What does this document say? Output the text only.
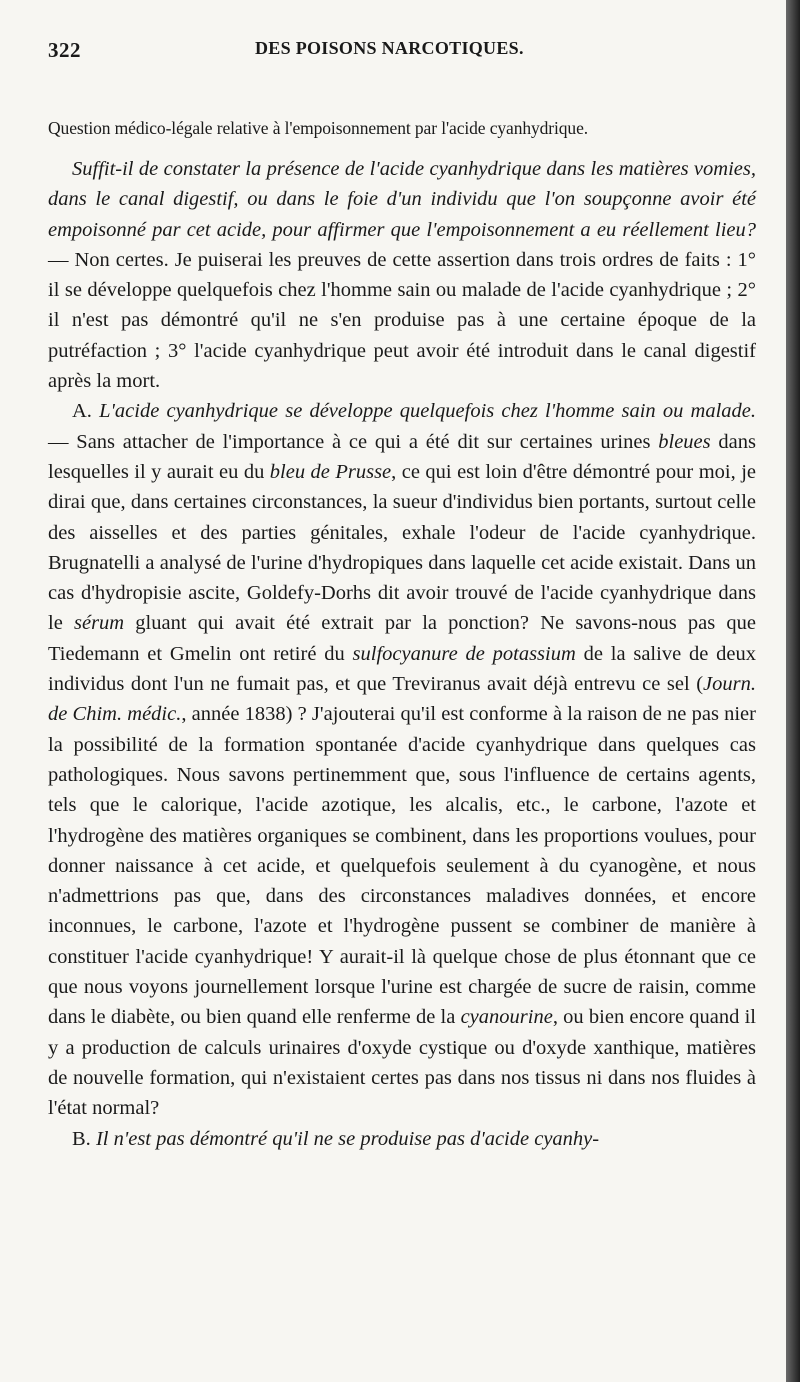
322	DES POISONS NARCOTIQUES.
Question médico-légale relative à l'empoisonnement par l'acide cyanhydrique.

Suffit-il de constater la présence de l'acide cyanhydrique dans les matières vomies, dans le canal digestif, ou dans le foie d'un individu que l'on soupçonne avoir été empoisonné par cet acide, pour affirmer que l'empoisonnement a eu réellement lieu? — Non certes. Je puiserai les preuves de cette assertion dans trois ordres de faits : 1° il se développe quelquefois chez l'homme sain ou malade de l'acide cyanhydrique ; 2° il n'est pas démontré qu'il ne s'en produise pas à une certaine époque de la putréfaction ; 3° l'acide cyanhydrique peut avoir été introduit dans le canal digestif après la mort.

A. L'acide cyanhydrique se développe quelquefois chez l'homme sain ou malade. — Sans attacher de l'importance à ce qui a été dit sur certaines urines bleues dans lesquelles il y aurait eu du bleu de Prusse, ce qui est loin d'être démontré pour moi, je dirai que, dans certaines circonstances, la sueur d'individus bien portants, surtout celle des aisselles et des parties génitales, exhale l'odeur de l'acide cyanhydrique. Brugnatelli a analysé de l'urine d'hydropiques dans laquelle cet acide existait. Dans un cas d'hydropisie ascite, Goldefy-Dorhs dit avoir trouvé de l'acide cyanhydrique dans le sérum gluant qui avait été extrait par la ponction? Ne savons-nous pas que Tiedemann et Gmelin ont retiré du sulfocyanure de potassium de la salive de deux individus dont l'un ne fumait pas, et que Treviranus avait déjà entrevu ce sel (Journ. de Chim. médic., année 1838) ? J'ajouterai qu'il est conforme à la raison de ne pas nier la possibilité de la formation spontanée d'acide cyanhydrique dans quelques cas pathologiques. Nous savons pertinemment que, sous l'influence de certains agents, tels que le calorique, l'acide azotique, les alcalis, etc., le carbone, l'azote et l'hydrogène des matières organiques se combinent, dans les proportions voulues, pour donner naissance à cet acide, et quelquefois seulement à du cyanogène, et nous n'admettrions pas que, dans des circonstances maladives données, et encore inconnues, le carbone, l'azote et l'hydrogène pussent se combiner de manière à constituer l'acide cyanhydrique! Y aurait-il là quelque chose de plus étonnant que ce que nous voyons journellement lorsque l'urine est chargée de sucre de raisin, comme dans le diabète, ou bien quand elle renferme de la cyanourine, ou bien encore quand il y a production de calculs urinaires d'oxyde cystique ou d'oxyde xanthique, matières de nouvelle formation, qui n'existaient certes pas dans nos tissus ni dans nos fluides à l'état normal?

B. Il n'est pas démontré qu'il ne se produise pas d'acide cyanhy-
